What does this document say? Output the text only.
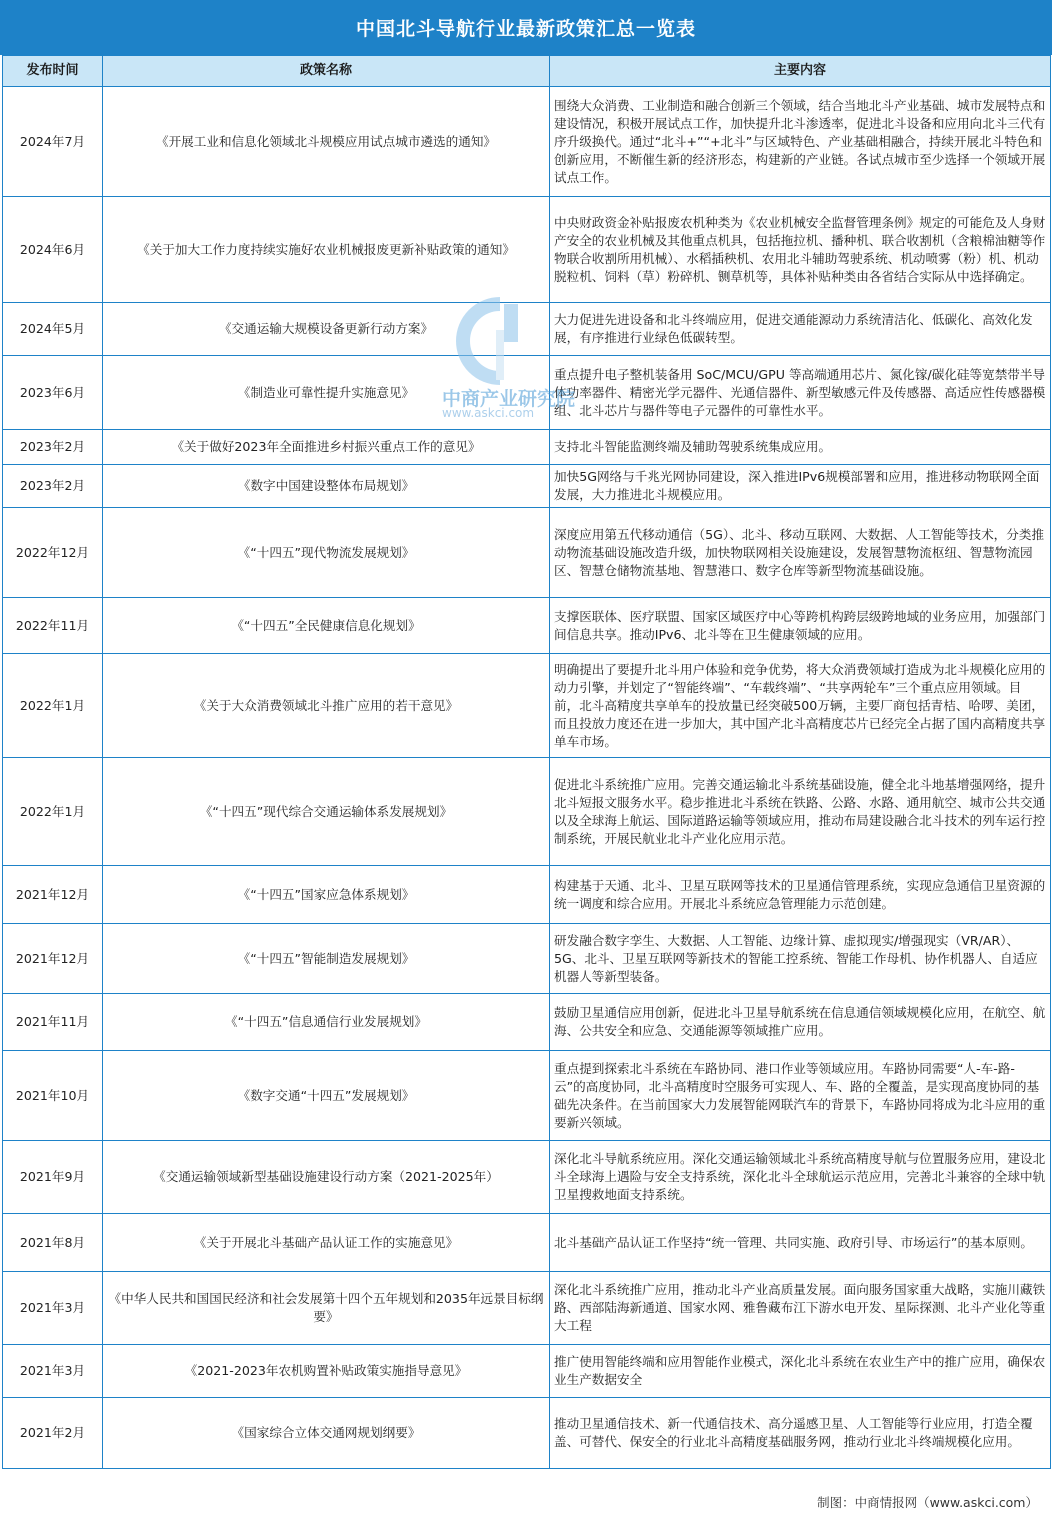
中国北斗导航行业最新政策汇总一览表
发布时间	政策名称	主要内容
2024年7月	《开展工业和信息化领域北斗规模应用试点城市遴选的通知》	围绕大众消费、工业制造和融合创新三个领域，结合当地北斗产业基础、城市发展特点和建设情况，积极开展试点工作，加快提升北斗渗透率，促进北斗设备和应用向北斗三代有序升级换代。通过“北斗+”“+北斗”与区域特色、产业基础相融合，持续开展北斗特色和创新应用，不断催生新的经济形态，构建新的产业链。各试点城市至少选择一个领域开展试点工作。
2024年6月	《关于加大工作力度持续实施好农业机械报废更新补贴政策的通知》	中央财政资金补贴报废农机种类为《农业机械安全监督管理条例》规定的可能危及人身财产安全的农业机械及其他重点机具，包括拖拉机、播种机、联合收割机（含粮棉油糖等作物联合收割所用机械）、水稻插秧机、农用北斗辅助驾驶系统、机动喷雾（粉）机、机动脱粒机、饲料（草）粉碎机、铡草机等，具体补贴种类由各省结合实际从中选择确定。
2024年5月	《交通运输大规模设备更新行动方案》	大力促进先进设备和北斗终端应用，促进交通能源动力系统清洁化、低碳化、高效化发展，有序推进行业绿色低碳转型。
2023年6月	《制造业可靠性提升实施意见》	重点提升电子整机装备用 SoC/MCU/GPU 等高端通用芯片、氮化镓/碳化硅等宽禁带半导体功率器件、精密光学元器件、光通信器件、新型敏感元件及传感器、高适应性传感器模组、北斗芯片与器件等电子元器件的可靠性水平。
2023年2月	《关于做好2023年全面推进乡村振兴重点工作的意见》	支持北斗智能监测终端及辅助驾驶系统集成应用。
2023年2月	《数字中国建设整体布局规划》	加快5G网络与千兆光网协同建设，深入推进IPv6规模部署和应用，推进移动物联网全面发展，大力推进北斗规模应用。
2022年12月	《“十四五”现代物流发展规划》	深度应用第五代移动通信（5G）、北斗、移动互联网、大数据、人工智能等技术，分类推动物流基础设施改造升级，加快物联网相关设施建设，发展智慧物流枢纽、智慧物流园区、智慧仓储物流基地、智慧港口、数字仓库等新型物流基础设施。
2022年11月	《“十四五”全民健康信息化规划》	支撑医联体、医疗联盟、国家区域医疗中心等跨机构跨层级跨地域的业务应用，加强部门间信息共享。推动IPv6、北斗等在卫生健康领域的应用。
2022年1月	《关于大众消费领域北斗推广应用的若干意见》	明确提出了要提升北斗用户体验和竞争优势，将大众消费领域打造成为北斗规模化应用的动力引擎，并划定了“智能终端”、“车载终端”、“共享两轮车”三个重点应用领域。目前，北斗高精度共享单车的投放量已经突破500万辆，主要厂商包括青桔、哈啰、美团，而且投放力度还在进一步加大，其中国产北斗高精度芯片已经完全占据了国内高精度共享单车市场。
2022年1月	《“十四五”现代综合交通运输体系发展规划》	促进北斗系统推广应用。完善交通运输北斗系统基础设施，健全北斗地基增强网络，提升北斗短报文服务水平。稳步推进北斗系统在铁路、公路、水路、通用航空、城市公共交通以及全球海上航运、国际道路运输等领域应用，推动布局建设融合北斗技术的列车运行控制系统，开展民航业北斗产业化应用示范。
2021年12月	《“十四五”国家应急体系规划》	构建基于天通、北斗、卫星互联网等技术的卫星通信管理系统，实现应急通信卫星资源的统一调度和综合应用。开展北斗系统应急管理能力示范创建。
2021年12月	《“十四五”智能制造发展规划》	研发融合数字孪生、大数据、人工智能、边缘计算、虚拟现实/增强现实（VR/AR）、5G、北斗、卫星互联网等新技术的智能工控系统、智能工作母机、协作机器人、自适应机器人等新型装备。
2021年11月	《“十四五”信息通信行业发展规划》	鼓励卫星通信应用创新，促进北斗卫星导航系统在信息通信领域规模化应用，在航空、航海、公共安全和应急、交通能源等领域推广应用。
2021年10月	《数字交通“十四五”发展规划》	重点提到探索北斗系统在车路协同、港口作业等领域应用。车路协同需要“人-车-路-云”的高度协同，北斗高精度时空服务可实现人、车、路的全覆盖，是实现高度协同的基础先决条件。在当前国家大力发展智能网联汽车的背景下，车路协同将成为北斗应用的重要新兴领域。
2021年9月	《交通运输领域新型基础设施建设行动方案（2021-2025年）	深化北斗导航系统应用。深化交通运输领域北斗系统高精度导航与位置服务应用，建设北斗全球海上遇险与安全支持系统，深化北斗全球航运示范应用，完善北斗兼容的全球中轨卫星搜救地面支持系统。
2021年8月	《关于开展北斗基础产品认证工作的实施意见》	北斗基础产品认证工作坚持“统一管理、共同实施、政府引导、市场运行”的基本原则。
2021年3月	《中华人民共和国国民经济和社会发展第十四个五年规划和2035年远景目标纲要》	深化北斗系统推广应用，推动北斗产业高质量发展。面向服务国家重大战略，实施川藏铁路、西部陆海新通道、国家水网、雅鲁藏布江下游水电开发、星际探测、北斗产业化等重大工程
2021年3月	《2021-2023年农机购置补贴政策实施指导意见》	推广使用智能终端和应用智能作业模式，深化北斗系统在农业生产中的推广应用，确保农业生产数据安全
2021年2月	《国家综合立体交通网规划纲要》	推动卫星通信技术、新一代通信技术、高分遥感卫星、人工智能等行业应用，打造全覆盖、可替代、保安全的行业北斗高精度基础服务网，推动行业北斗终端规模化应用。
中商产业研究院
www.askci.com
制图：中商情报网（www.askci.com）
